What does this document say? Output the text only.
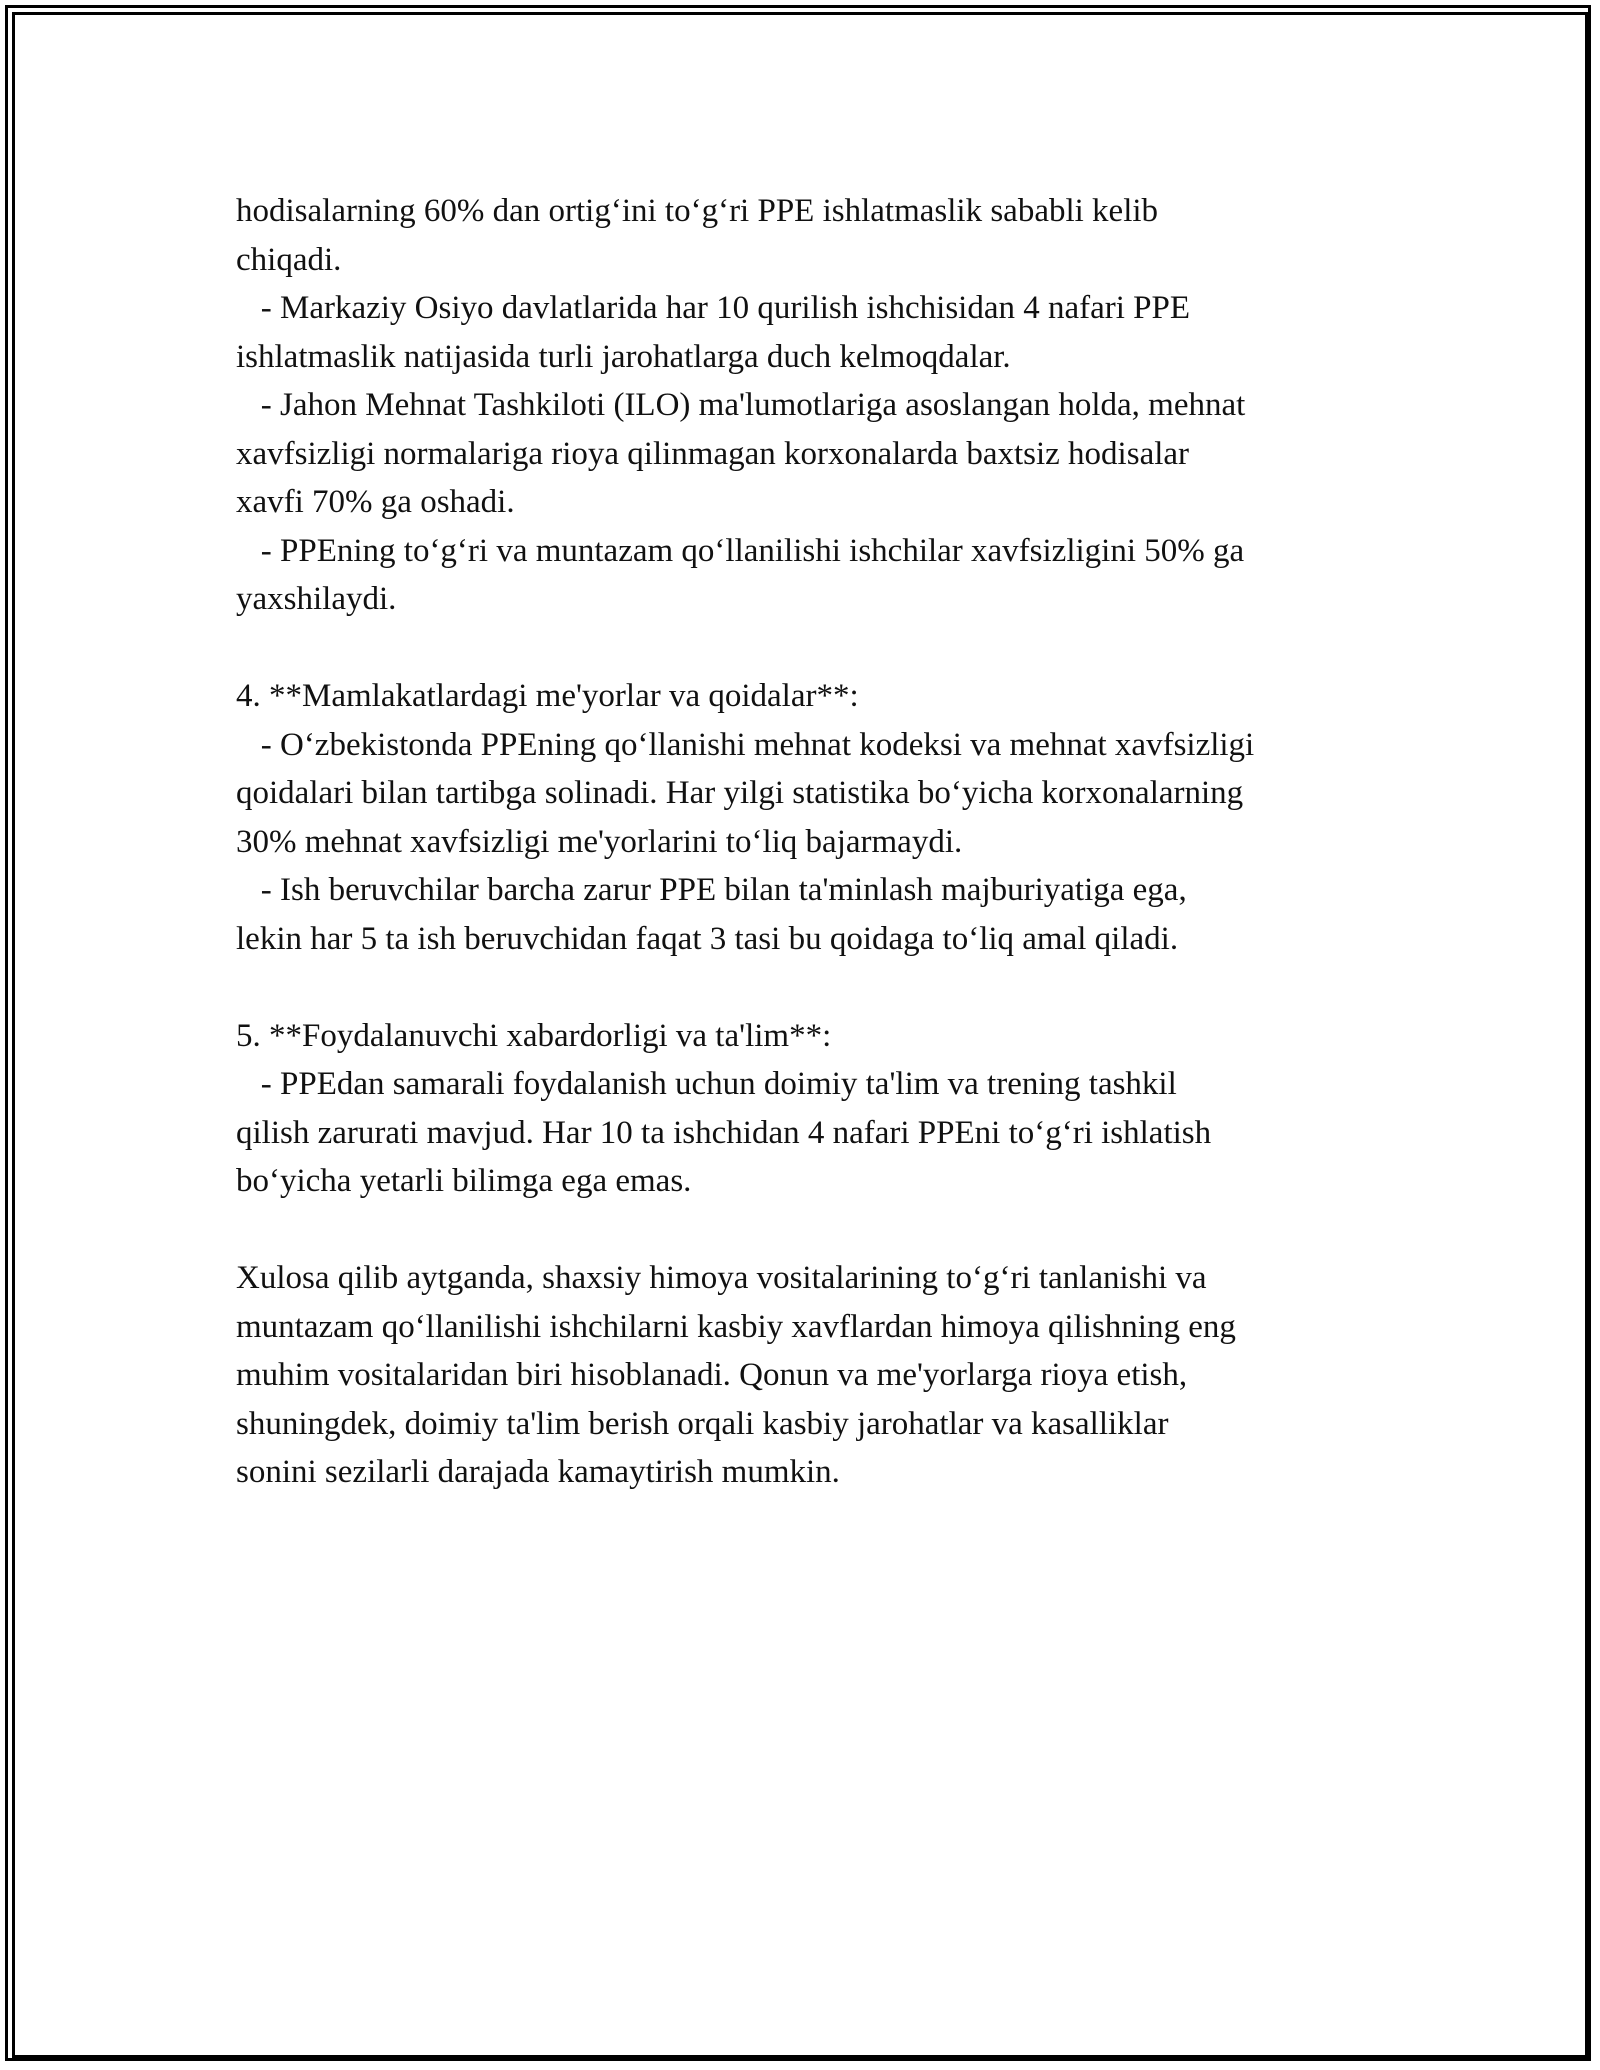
hodisalarning 60% dan ortig‘ini to‘g‘ri PPE ishlatmaslik sababli kelib

chiqadi.

- Markaziy Osiyo davlatlarida har 10 qurilish ishchisidan 4 nafari PPE

ishlatmaslik natijasida turli jarohatlarga duch kelmoqdalar.

- Jahon Mehnat Tashkiloti (ILO) ma'lumotlariga asoslangan holda, mehnat

xavfsizligi normalariga rioya qilinmagan korxonalarda baxtsiz hodisalar

xavfi 70% ga oshadi.

- PPEning to‘g‘ri va muntazam qo‘llanilishi ishchilar xavfsizligini 50% ga

yaxshilaydi.

4. **Mamlakatlardagi me'yorlar va qoidalar**:

- O‘zbekistonda PPEning qo‘llanishi mehnat kodeksi va mehnat xavfsizligi

qoidalari bilan tartibga solinadi. Har yilgi statistika bo‘yicha korxonalarning

30% mehnat xavfsizligi me'yorlarini to‘liq bajarmaydi.

- Ish beruvchilar barcha zarur PPE bilan ta'minlash majburiyatiga ega,

lekin har 5 ta ish beruvchidan faqat 3 tasi bu qoidaga to‘liq amal qiladi.

5. **Foydalanuvchi xabardorligi va ta'lim**:

- PPEdan samarali foydalanish uchun doimiy ta'lim va trening tashkil

qilish zarurati mavjud. Har 10 ta ishchidan 4 nafari PPEni to‘g‘ri ishlatish

bo‘yicha yetarli bilimga ega emas.

Xulosa qilib aytganda, shaxsiy himoya vositalarining to‘g‘ri tanlanishi va

muntazam qo‘llanilishi ishchilarni kasbiy xavflardan himoya qilishning eng

muhim vositalaridan biri hisoblanadi. Qonun va me'yorlarga rioya etish,

shuningdek, doimiy ta'lim berish orqali kasbiy jarohatlar va kasalliklar

sonini sezilarli darajada kamaytirish mumkin.
